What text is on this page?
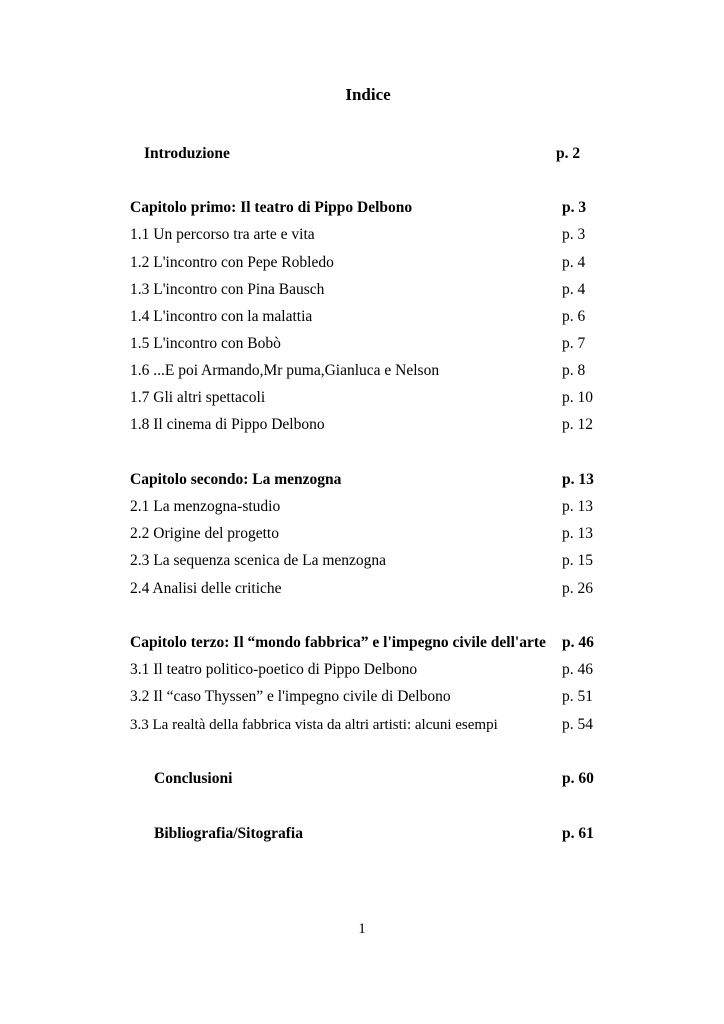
Indice
Introduzione	p. 2
Capitolo primo: Il teatro di Pippo Delbono	p. 3
1.1 Un percorso tra arte e vita	p. 3
1.2 L'incontro con Pepe Robledo	p. 4
1.3 L'incontro con Pina Bausch	p. 4
1.4 L'incontro con la malattia	p. 6
1.5 L'incontro con Bobò	p. 7
1.6 ...E poi Armando,Mr puma,Gianluca e Nelson	p. 8
1.7 Gli altri spettacoli	p. 10
1.8 Il cinema di Pippo Delbono	p. 12
Capitolo secondo: La menzogna	p. 13
2.1 La menzogna-studio	p. 13
2.2 Origine del progetto	p. 13
2.3 La sequenza scenica de La menzogna	p. 15
2.4 Analisi delle critiche	p. 26
Capitolo terzo: Il “mondo fabbrica” e l'impegno civile dell'arte p. 46
3.1 Il teatro politico-poetico di Pippo Delbono	p. 46
3.2 Il “caso Thyssen” e l'impegno civile di Delbono	p. 51
3.3 La realtà della fabbrica vista da altri artisti: alcuni esempi	p. 54
Conclusioni	p. 60
Bibliografia/Sitografia	p. 61
1
